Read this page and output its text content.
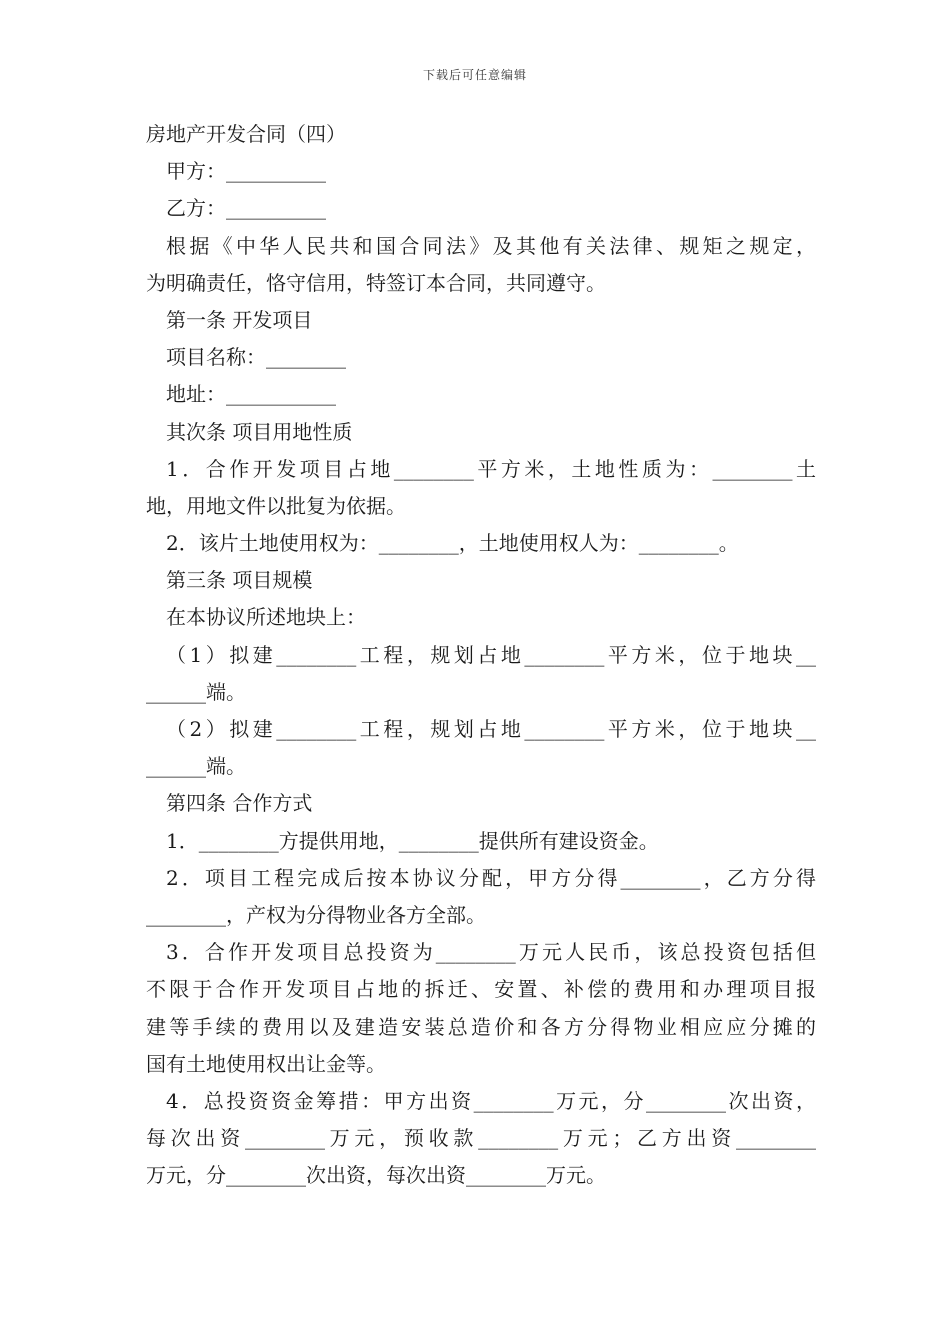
下载后可任意编辑
房地产开发合同（四）
甲方：__________
乙方：__________
根据《中华人民共和国合同法》及其他有关法律、规矩之规定，
为明确责任，恪守信用，特签订本合同，共同遵守。
第一条 开发项目
项目名称：________
地址：___________
其次条 项目用地性质
1．合作开发项目占地________平方米，土地性质为：________土
地，用地文件以批复为依据。
2．该片土地使用权为：________，土地使用权人为：________。
第三条 项目规模
在本协议所述地块上：
（1）拟建________工程，规划占地________平方米，位于地块__
______端。
（2）拟建________工程，规划占地________平方米，位于地块__
______端。
第四条 合作方式
1．________方提供用地，________提供所有建设资金。
2．项目工程完成后按本协议分配，甲方分得________，乙方分得
________，产权为分得物业各方全部。
3．合作开发项目总投资为________万元人民币，该总投资包括但
不限于合作开发项目占地的拆迁、安置、补偿的费用和办理项目报
建等手续的费用以及建造安装总造价和各方分得物业相应应分摊的
国有土地使用权出让金等。
4．总投资资金筹措：甲方出资________万元，分________次出资，
每次出资________万元，预收款________万元；乙方出资________
万元，分________次出资，每次出资________万元。
